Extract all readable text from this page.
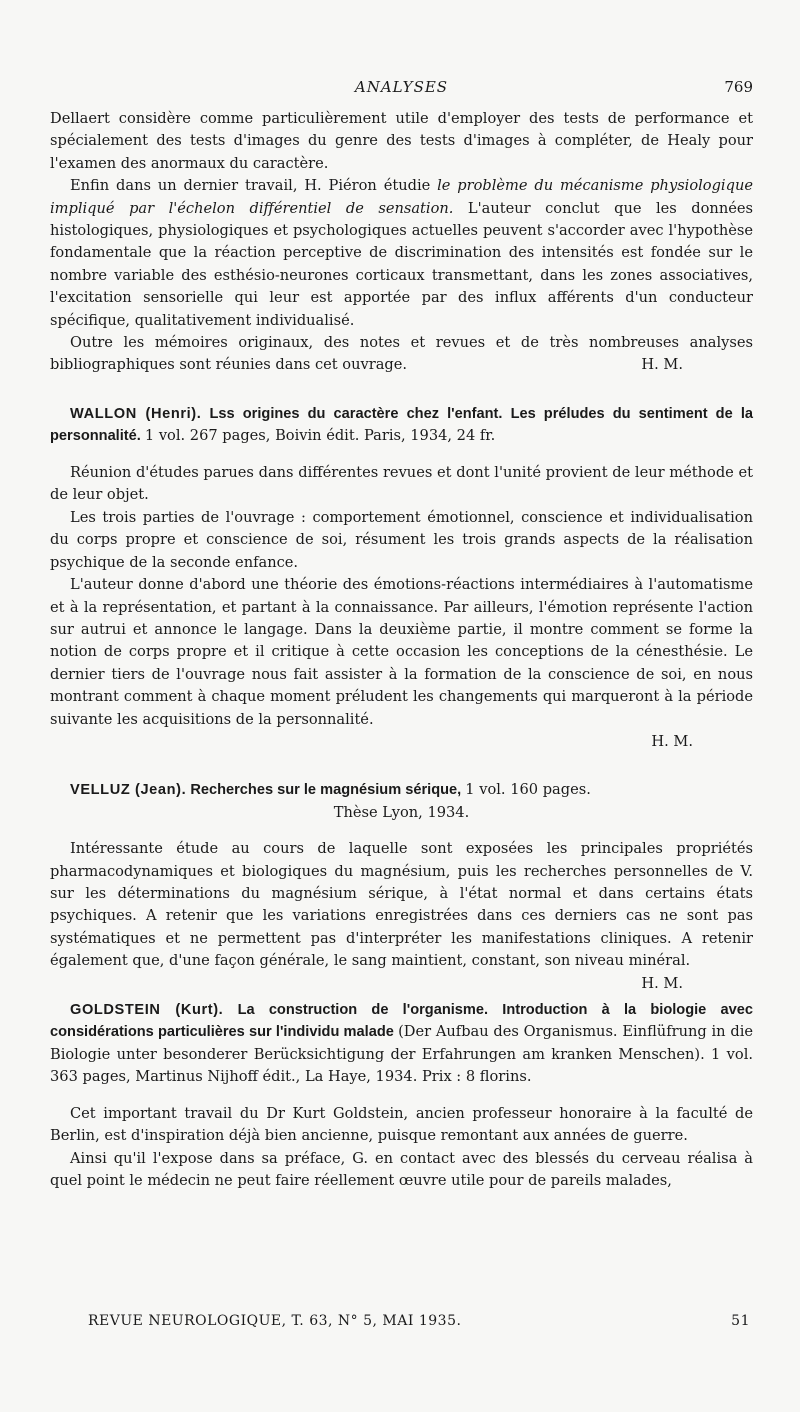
ANALYSES	769

Dellaert considère comme particulièrement utile d'employer des tests de performance et spécialement des tests d'images du genre des tests d'images à compléter, de Healy pour l'examen des anormaux du caractère.

Enfin dans un dernier travail, H. Piéron étudie le problème du mécanisme physiologique impliqué par l'échelon différentiel de sensation. L'auteur conclut que les données histologiques, physiologiques et psychologiques actuelles peuvent s'accorder avec l'hypothèse fondamentale que la réaction perceptive de discrimination des intensités est fondée sur le nombre variable des esthésio-neurones corticaux transmettant, dans les zones associatives, l'excitation sensorielle qui leur est apportée par des influx afférents d'un conducteur spécifique, qualitativement individualisé.

Outre les mémoires originaux, des notes et revues et de très nombreuses analyses bibliographiques sont réunies dans cet ouvrage.	H. M.

WALLON (Henri). Lss origines du caractère chez l'enfant. Les préludes du sentiment de la personnalité. 1 vol. 267 pages, Boivin édit. Paris, 1934, 24 fr.

Réunion d'études parues dans différentes revues et dont l'unité provient de leur méthode et de leur objet.

Les trois parties de l'ouvrage : comportement émotionnel, conscience et individualisation du corps propre et conscience de soi, résument les trois grands aspects de la réalisation psychique de la seconde enfance.

L'auteur donne d'abord une théorie des émotions-réactions intermédiaires à l'automatisme et à la représentation, et partant à la connaissance. Par ailleurs, l'émotion représente l'action sur autrui et annonce le langage. Dans la deuxième partie, il montre comment se forme la notion de corps propre et il critique à cette occasion les conceptions de la cénesthésie. Le dernier tiers de l'ouvrage nous fait assister à la formation de la conscience de soi, en nous montrant comment à chaque moment préludent les changements qui marqueront à la période suivante les acquisitions de la personnalité.

H. M.

VELLUZ (Jean). Recherches sur le magnésium sérique, 1 vol. 160 pages.

Thèse Lyon, 1934.

Intéressante étude au cours de laquelle sont exposées les principales propriétés pharmacodynamiques et biologiques du magnésium, puis les recherches personnelles de V. sur les déterminations du magnésium sérique, à l'état normal et dans certains états psychiques. A retenir que les variations enregistrées dans ces derniers cas ne sont pas systématiques et ne permettent pas d'interpréter les manifestations cliniques. A retenir également que, d'une façon générale, le sang maintient, constant, son niveau minéral.
H. M.

GOLDSTEIN (Kurt). La construction de l'organisme. Introduction à la biologie avec considérations particulières sur l'individu malade (Der Aufbau des Organismus. Einflüfrung in die Biologie unter besonderer Berücksichtigung der Erfahrungen am kranken Menschen). 1 vol. 363 pages, Martinus Nijhoff édit., La Haye, 1934. Prix : 8 florins.

Cet important travail du Dr Kurt Goldstein, ancien professeur honoraire à la faculté de Berlin, est d'inspiration déjà bien ancienne, puisque remontant aux années de guerre.

Ainsi qu'il l'expose dans sa préface, G. en contact avec des blessés du cerveau réalisa à quel point le médecin ne peut faire réellement œuvre utile pour de pareils malades,

REVUE NEUROLOGIQUE, T. 63, N° 5, MAI 1935.	51
